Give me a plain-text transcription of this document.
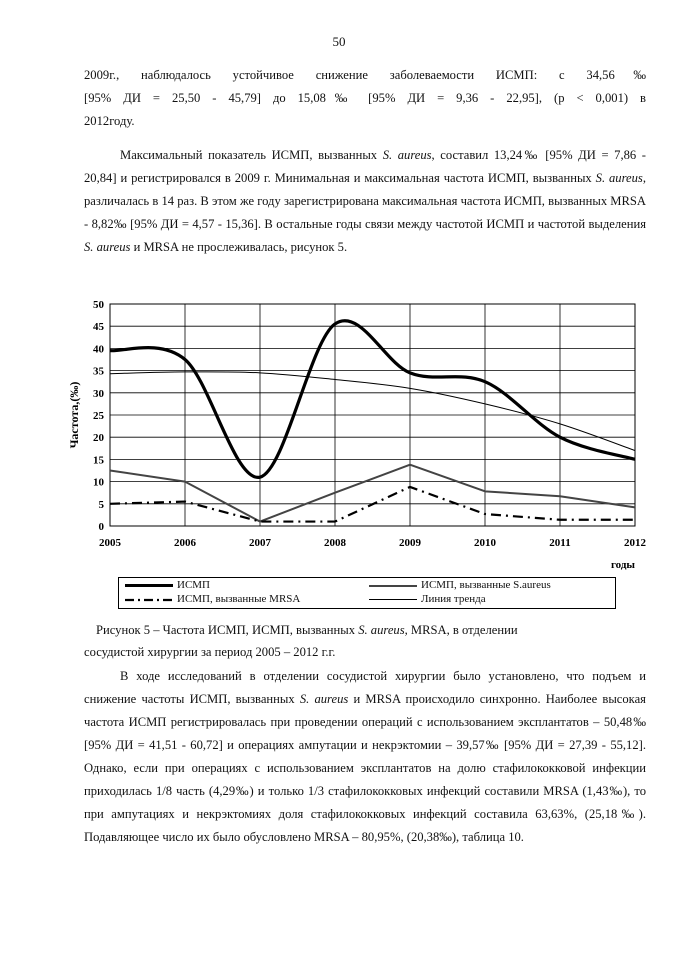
50
2009г., наблюдалось устойчивое снижение заболеваемости ИСМП: с 34,56‰
[95% ДИ = 25,50 - 45,79] до 15,08‰ [95% ДИ = 9,36 - 22,95], (р < 0,001) в
2012году.

Максимальный показатель ИСМП, вызванных S. aureus, составил 13,24‰ [95% ДИ = 7,86 - 20,84] и регистрировался в 2009 г. Минимальная и максимальная частота ИСМП, вызванных S. aureus, различалась в 14 раз. В этом же году зарегистрирована максимальная частота ИСМП, вызванных MRSA - 8,82‰ [95% ДИ = 4,57 - 15,36]. В остальные годы связи между частотой ИСМП и частотой выделения S. aureus и MRSA не прослеживалась, рисунок 5.

0
5
10
15
20
25
30
35
40
45
50
2005	2006	2007	2008	2009	2010	2011	2012
Частота,(‰)
годы
ИСМП	ИСМП, вызванные S.aureus
ИСМП, вызванные MRSA	Линия тренда

Рисунок 5 – Частота ИСМП, ИСМП, вызванных S. aureus, MRSA, в отделении

сосудистой хирургии за период 2005 – 2012 г.г.

В ходе исследований в отделении сосудистой хирургии было установлено, что подъем и снижение частоты ИСМП, вызванных S. aureus и MRSA происходило синхронно. Наиболее высокая частота ИСМП регистрировалась при проведении операций с использованием эксплантатов – 50,48‰ [95% ДИ = 41,51 - 60,72] и операциях ампутации и некрэктомии – 39,57‰ [95% ДИ = 27,39 - 55,12]. Однако, если при операциях с использованием эксплантатов на долю стафилококковой инфекции приходилась 1/8 часть (4,29‰) и только 1/3 стафилококковых инфекций составили MRSA (1,43‰), то при ампутациях и некрэктомиях доля стафилококковых инфекций составила 63,63%, (25,18‰). Подавляющее число их было обусловлено MRSA – 80,95%, (20,38‰), таблица 10.
